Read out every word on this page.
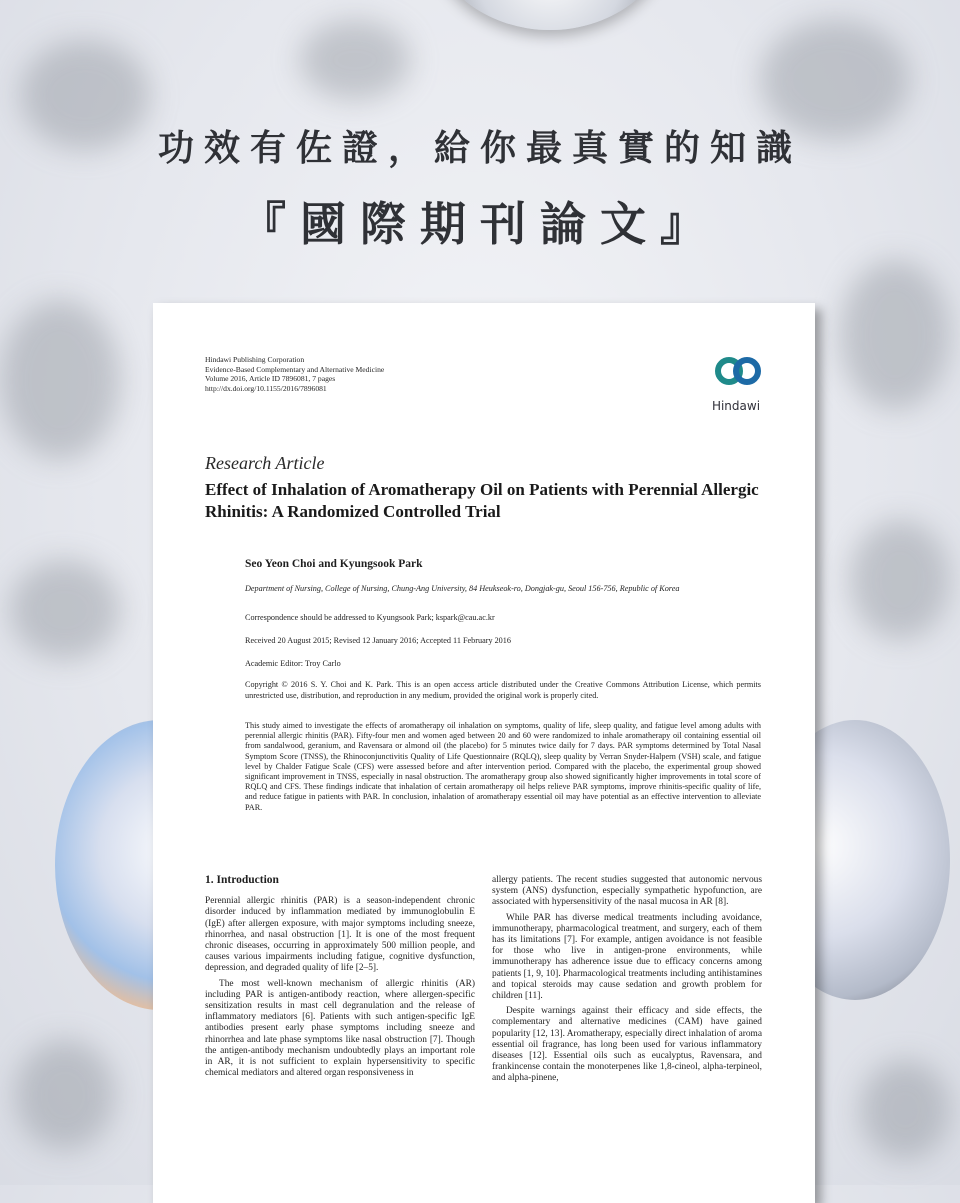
功效有佐證，給你最真實的知識
『國際期刊論文』
Hindawi Publishing Corporation
Evidence-Based Complementary and Alternative Medicine
Volume 2016, Article ID 7896081, 7 pages
http://dx.doi.org/10.1155/2016/7896081
Hindawi
Research Article
Effect of Inhalation of Aromatherapy Oil on Patients with Perennial Allergic Rhinitis: A Randomized Controlled Trial
Seo Yeon Choi and Kyungsook Park
Department of Nursing, College of Nursing, Chung-Ang University, 84 Heukseok-ro, Dongjak-gu, Seoul 156-756, Republic of Korea
Correspondence should be addressed to Kyungsook Park; kspark@cau.ac.kr
Received 20 August 2015; Revised 12 January 2016; Accepted 11 February 2016
Academic Editor: Troy Carlo
Copyright © 2016 S. Y. Choi and K. Park. This is an open access article distributed under the Creative Commons Attribution License, which permits unrestricted use, distribution, and reproduction in any medium, provided the original work is properly cited.
This study aimed to investigate the effects of aromatherapy oil inhalation on symptoms, quality of life, sleep quality, and fatigue level among adults with perennial allergic rhinitis (PAR). Fifty-four men and women aged between 20 and 60 were randomized to inhale aromatherapy oil containing essential oil from sandalwood, geranium, and Ravensara or almond oil (the placebo) for 5 minutes twice daily for 7 days. PAR symptoms determined by Total Nasal Symptom Score (TNSS), the Rhinoconjunctivitis Quality of Life Questionnaire (RQLQ), sleep quality by Verran Snyder-Halpern (VSH) scale, and fatigue level by Chalder Fatigue Scale (CFS) were assessed before and after intervention period. Compared with the placebo, the experimental group showed significant improvement in TNSS, especially in nasal obstruction. The aromatherapy group also showed significantly higher improvements in total score of RQLQ and CFS. These findings indicate that inhalation of certain aromatherapy oil helps relieve PAR symptoms, improve rhinitis-specific quality of life, and reduce fatigue in patients with PAR. In conclusion, inhalation of aromatherapy essential oil may have potential as an effective intervention to alleviate PAR.
1. Introduction

Perennial allergic rhinitis (PAR) is a season-independent chronic disorder induced by inflammation mediated by immunoglobulin E (IgE) after allergen exposure, with major symptoms including sneeze, rhinorrhea, and nasal obstruction [1]. It is one of the most frequent chronic diseases, occurring in approximately 500 million people, and causes various impairments including fatigue, cognitive dysfunction, depression, and degraded quality of life [2–5].

The most well-known mechanism of allergic rhinitis (AR) including PAR is antigen-antibody reaction, where allergen-specific sensitization results in mast cell degranulation and the release of inflammatory mediators [6]. Patients with such antigen-specific IgE antibodies present early phase symptoms including sneeze and rhinorrhea and late phase symptoms like nasal obstruction [7]. Though the antigen-antibody mechanism undoubtedly plays an important role in AR, it is not sufficient to explain hypersensitivity to specific chemical mediators and altered organ responsiveness in

allergy patients. The recent studies suggested that autonomic nervous system (ANS) dysfunction, especially sympathetic hypofunction, are associated with hypersensitivity of the nasal mucosa in AR [8].

While PAR has diverse medical treatments including avoidance, immunotherapy, pharmacological treatment, and surgery, each of them has its limitations [7]. For example, antigen avoidance is not feasible for those who live in antigen-prone environments, while immunotherapy has adherence issue due to efficacy concerns among patients [1, 9, 10]. Pharmacological treatments including antihistamines and topical steroids may cause sedation and growth problem for children [11].

Despite warnings against their efficacy and side effects, the complementary and alternative medicines (CAM) have gained popularity [12, 13]. Aromatherapy, especially direct inhalation of aroma essential oil fragrance, has long been used for various inflammatory diseases [12]. Essential oils such as eucalyptus, Ravensara, and frankincense contain the monoterpenes like 1,8-cineol, alpha-terpineol, and alpha-pinene,
